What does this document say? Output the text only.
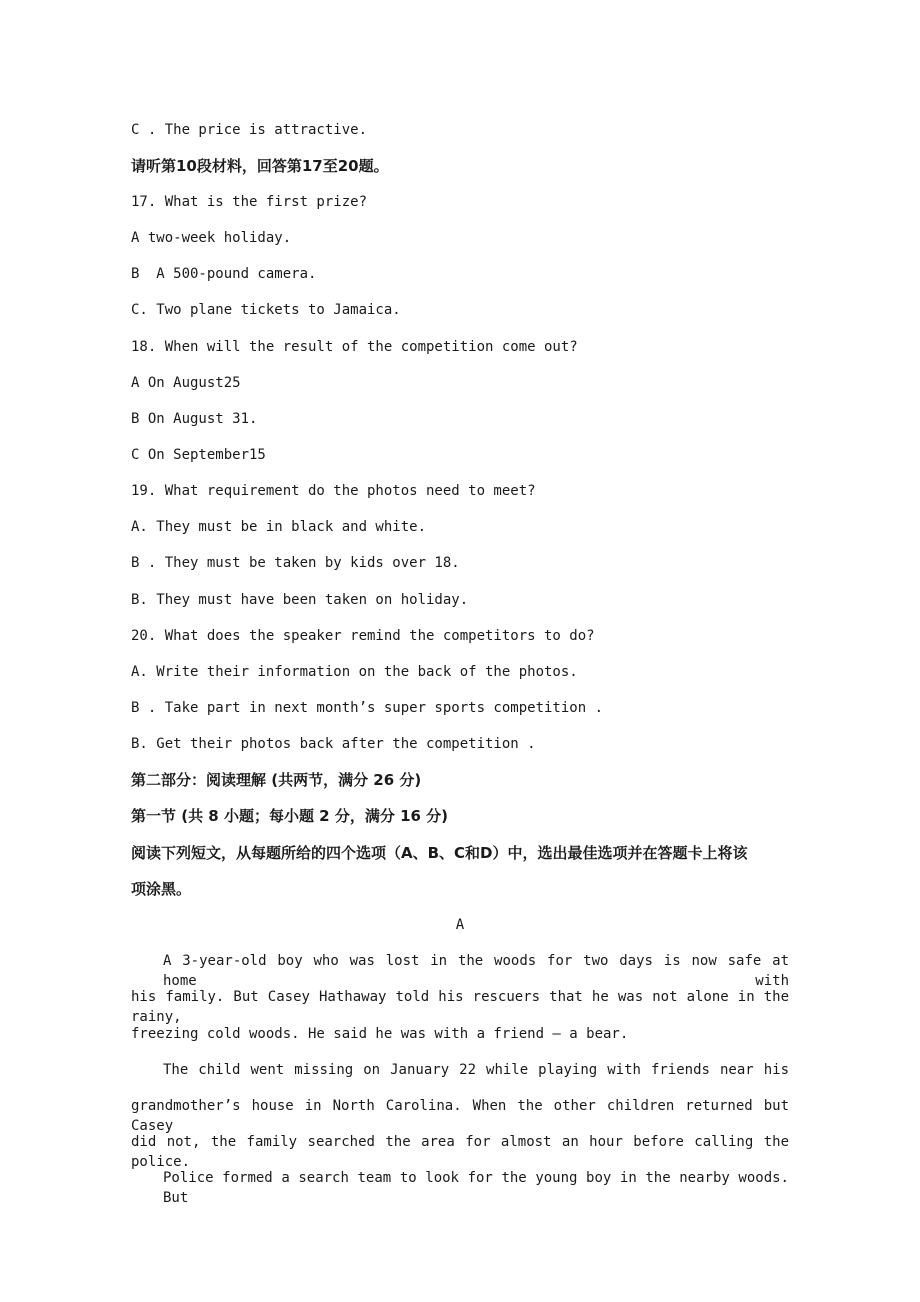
C . The price is attractive.

请听第10段材料，回答第17至20题。

17. What is the first prize?

A two-week holiday.

B  A 500-pound camera.

C. Two plane tickets to Jamaica.

18. When will the result of the competition come out?

A On August25

B On August 31.

C On September15

19. What requirement do the photos need to meet?

A. They must be in black and white.

B . They must be taken by kids over 18.

B. They must have been taken on holiday.

20. What does the speaker remind the competitors to do?

A. Write their information on the back of the photos.

B . Take part in next month’s super sports competition .

B. Get their photos back after the competition .

第二部分：阅读理解 (共两节，满分 26 分)

第一节 (共 8 小题；每小题 2 分，满分 16 分)

阅读下列短文，从每题所给的四个选项（A、B、C和D）中，选出最佳选项并在答题卡上将该

项涂黑。

A

A 3-year-old boy who was lost in the woods for two days is now safe at home with

his family. But Casey Hathaway told his rescuers that he was not alone in the rainy,

freezing cold woods. He said he was with a friend — a bear.

The child went missing on January 22 while playing with friends near his

grandmother’s house in North Carolina. When the other children returned but Casey

did not, the family searched the area for almost an hour before calling the police.

Police formed a search team to look for the young boy in the nearby woods. But
